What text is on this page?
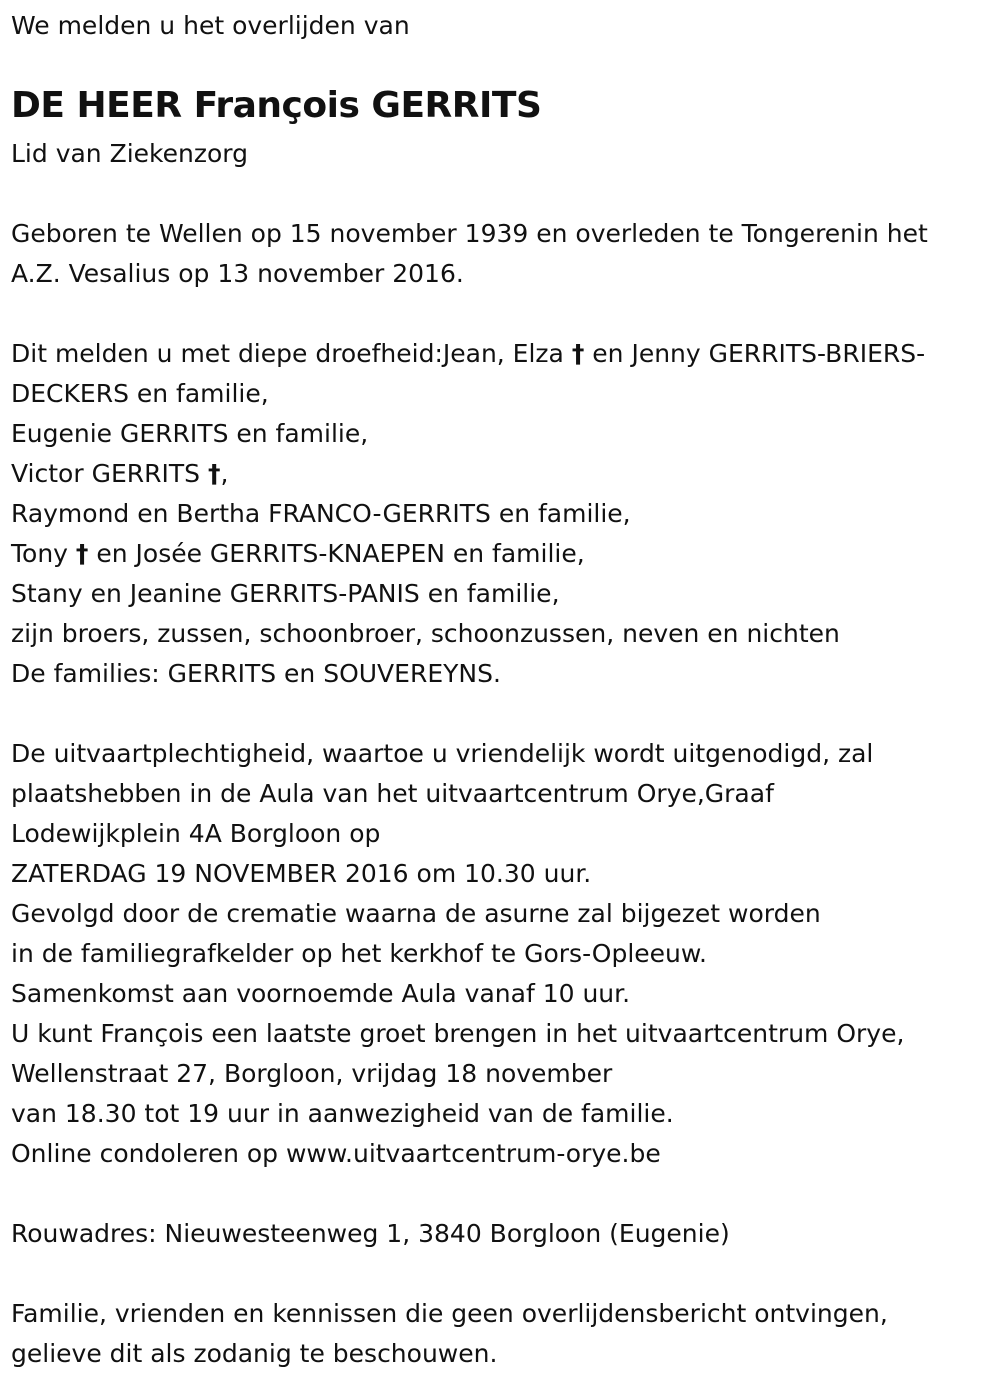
We melden u het overlijden van
DE HEER François GERRITS
Lid van Ziekenzorg
Geboren te Wellen op 15 november 1939 en overleden te Tongerenin het
A.Z. Vesalius op 13 november 2016.
Dit melden u met diepe droefheid:Jean, Elza † en Jenny GERRITS-BRIERS-
DECKERS en familie,
Eugenie GERRITS en familie,
Victor GERRITS †,
Raymond en Bertha FRANCO-GERRITS en familie,
Tony † en Josée GERRITS-KNAEPEN en familie,
Stany en Jeanine GERRITS-PANIS en familie,
zijn broers, zussen, schoonbroer, schoonzussen, neven en nichten
De families: GERRITS en SOUVEREYNS.
De uitvaartplechtigheid, waartoe u vriendelijk wordt uitgenodigd, zal
plaatshebben in de Aula van het uitvaartcentrum Orye,Graaf
Lodewijkplein 4A Borgloon op
ZATERDAG 19 NOVEMBER 2016 om 10.30 uur.
Gevolgd door de crematie waarna de asurne zal bijgezet worden
in de familiegrafkelder op het kerkhof te Gors-Opleeuw.
Samenkomst aan voornoemde Aula vanaf 10 uur.
U kunt François een laatste groet brengen in het uitvaartcentrum Orye,
Wellenstraat 27, Borgloon, vrijdag 18 november
van 18.30 tot 19 uur in aanwezigheid van de familie.
Online condoleren op www.uitvaartcentrum-orye.be
Rouwadres: Nieuwesteenweg 1, 3840 Borgloon (Eugenie)
Familie, vrienden en kennissen die geen overlijdensbericht ontvingen,
gelieve dit als zodanig te beschouwen.
